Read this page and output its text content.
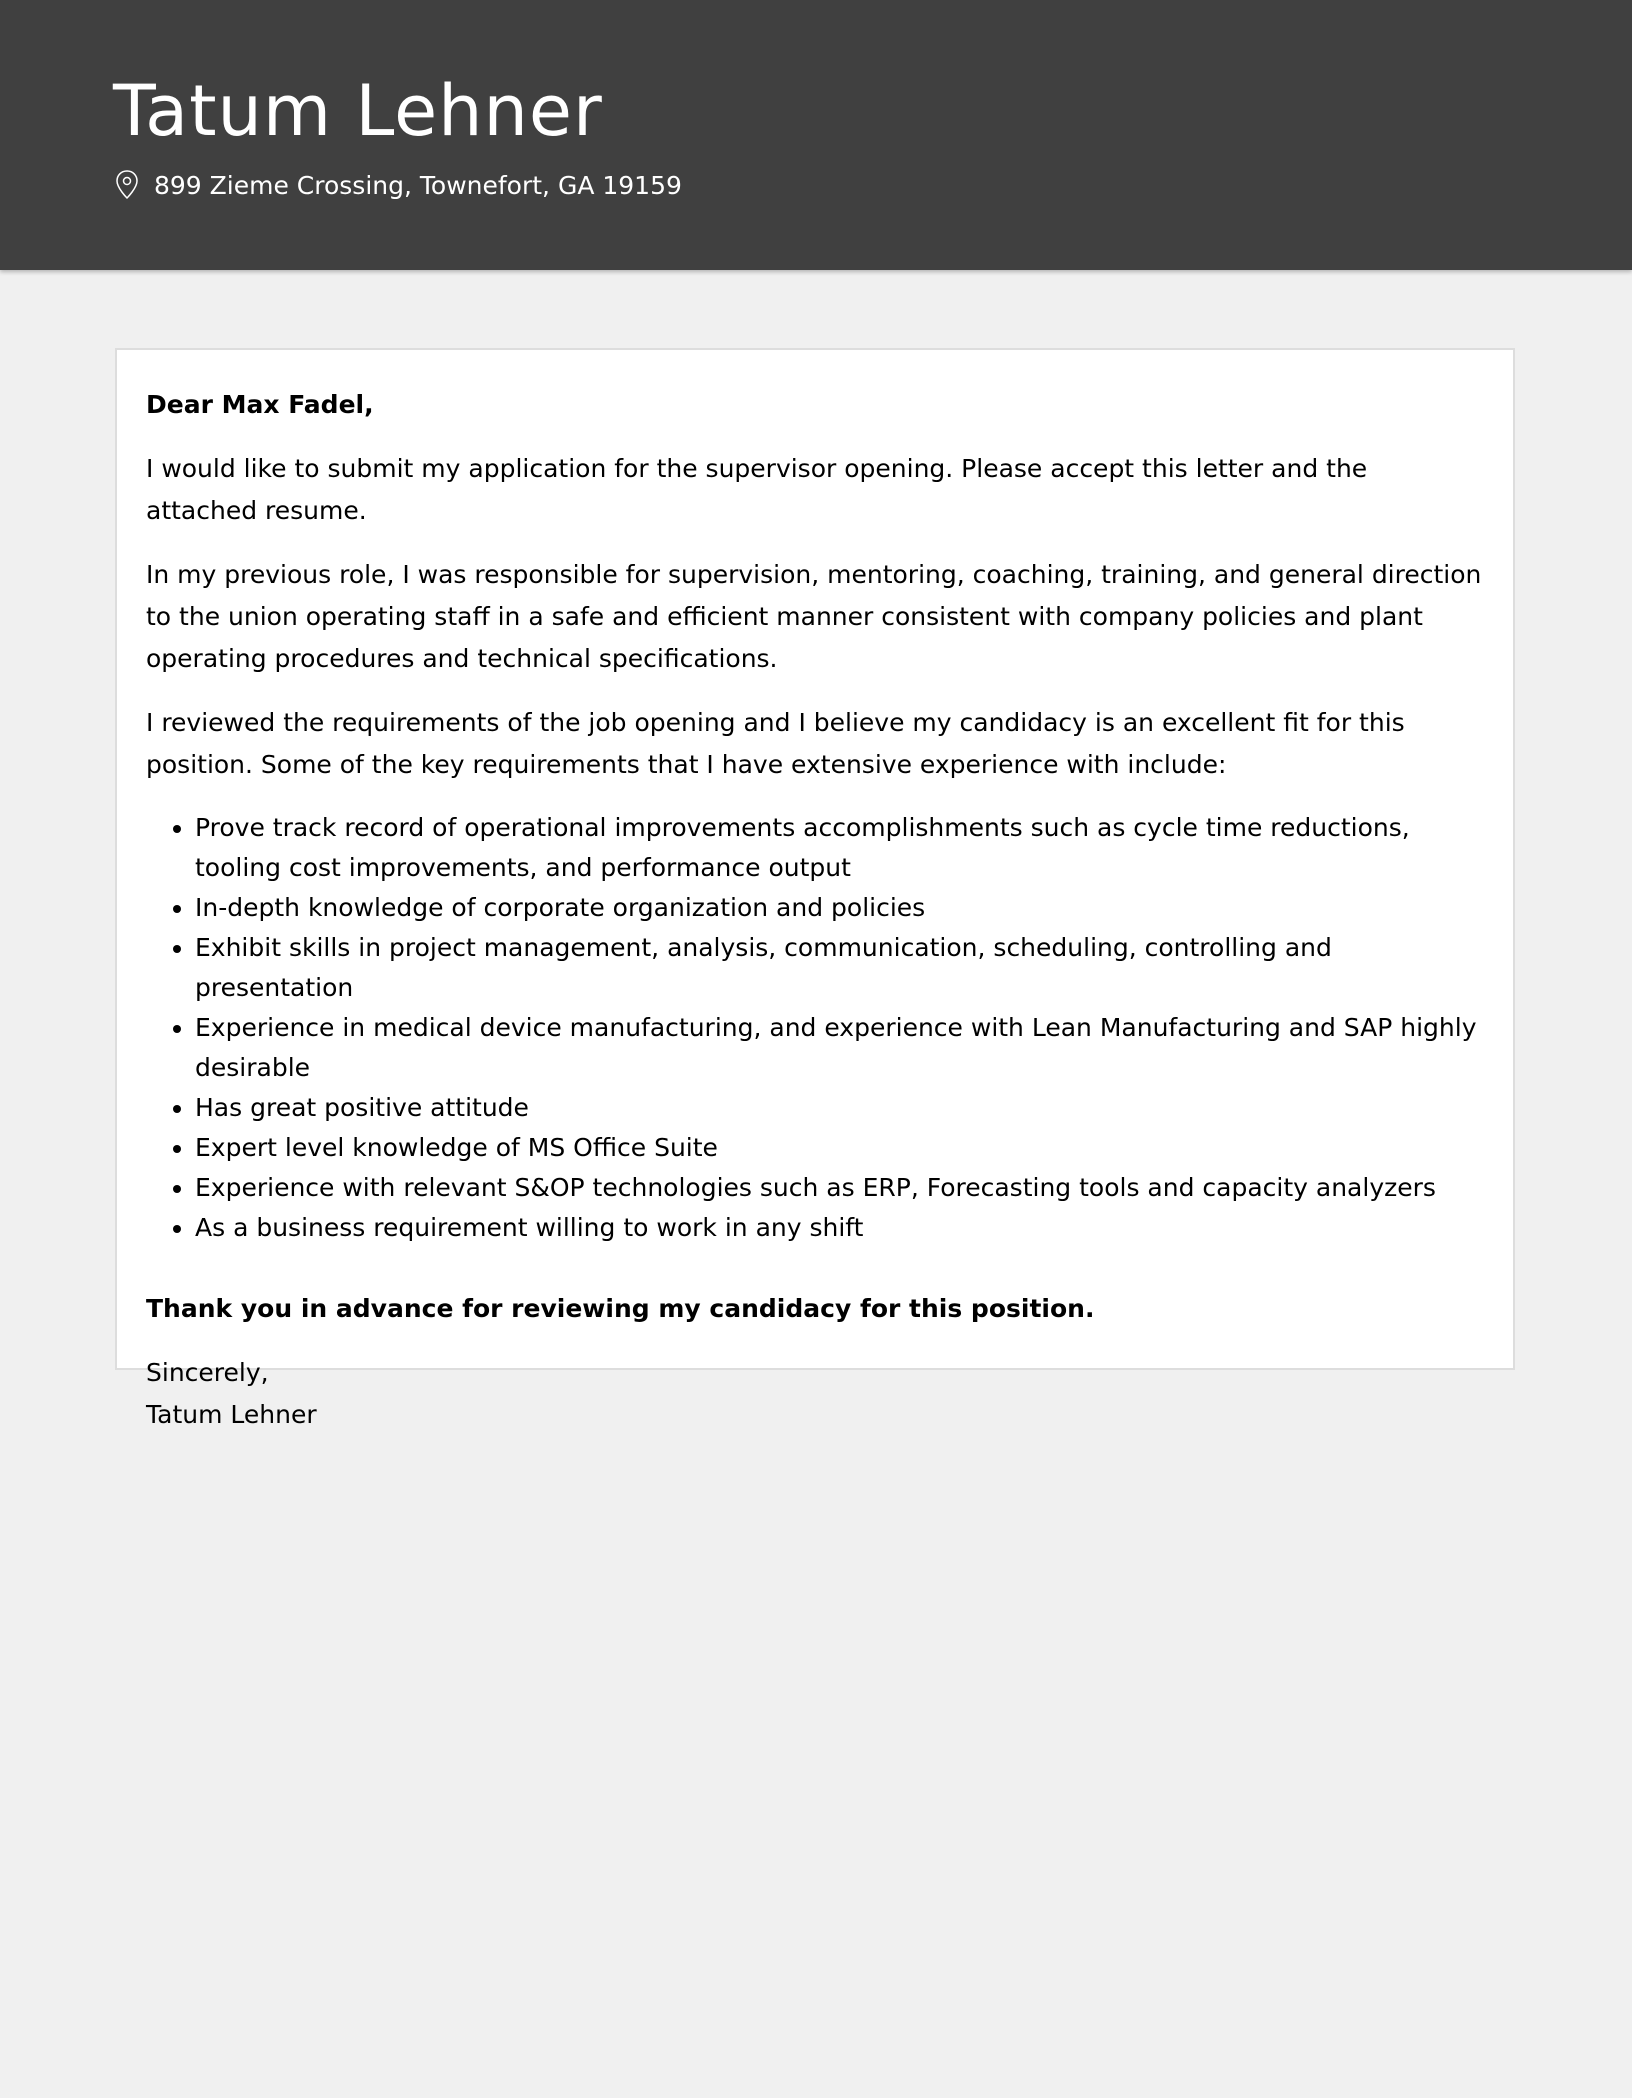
Tatum Lehner
899 Zieme Crossing, Townefort, GA 19159

Dear Max Fadel,

I would like to submit my application for the supervisor opening. Please accept this letter and the attached resume.

In my previous role, I was responsible for supervision, mentoring, coaching, training, and general direction to the union operating staff in a safe and efficient manner consistent with company policies and plant operating procedures and technical specifications.

I reviewed the requirements of the job opening and I believe my candidacy is an excellent fit for this position. Some of the key requirements that I have extensive experience with include:

• Prove track record of operational improvements accomplishments such as cycle time reductions, tooling cost improvements, and performance output
• In-depth knowledge of corporate organization and policies
• Exhibit skills in project management, analysis, communication, scheduling, controlling and presentation
• Experience in medical device manufacturing, and experience with Lean Manufacturing and SAP highly desirable
• Has great positive attitude
• Expert level knowledge of MS Office Suite
• Experience with relevant S&OP technologies such as ERP, Forecasting tools and capacity analyzers
• As a business requirement willing to work in any shift

Thank you in advance for reviewing my candidacy for this position.

Sincerely,
Tatum Lehner
